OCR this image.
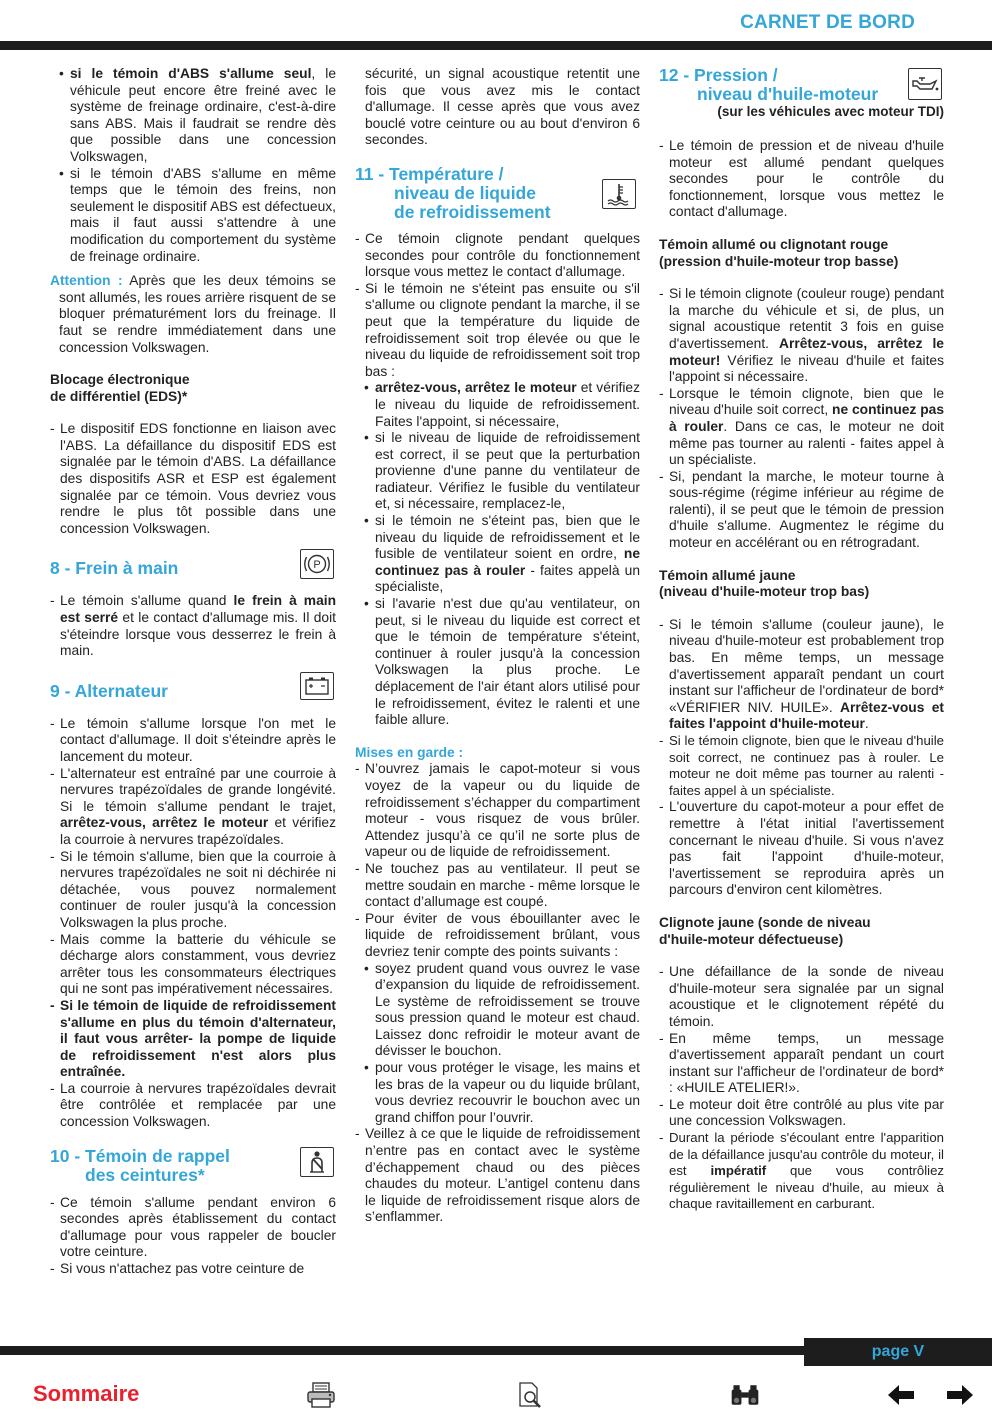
CARNET DE BORD
• si le témoin d'ABS s'allume seul, le véhicule peut encore être freiné avec le système de freinage ordinaire, c'est-à-dire sans ABS. Mais il faudrait se rendre dès que possible dans une concession Volkswagen,
• si le témoin d'ABS s'allume en même temps que le témoin des freins, non seulement le dispositif ABS est défectueux, mais il faut aussi s'attendre à une modification du comportement du système de freinage ordinaire.
Attention : Après que les deux témoins se sont allumés, les roues arrière risquent de se bloquer prématurément lors du freinage. Il faut se rendre immédiatement dans une concession Volkswagen.
Blocage électronique
de différentiel (EDS)*
- Le dispositif EDS fonctionne en liaison avec l'ABS. La défaillance du dispositif EDS est signalée par le témoin d'ABS. La défaillance des dispositifs ASR et ESP est également signalée par ce témoin. Vous devriez vous rendre le plus tôt possible dans une concession Volkswagen.
8 - Frein à main	P
- Le témoin s'allume quand le frein à main est serré et le contact d'allumage mis. Il doit s'éteindre lorsque vous desserrez le frein à main.
9 - Alternateur
- Le témoin s'allume lorsque l'on met le contact d'allumage. Il doit s'éteindre après le lancement du moteur.
- L'alternateur est entraîné par une courroie à nervures trapézoïdales de grande longévité. Si le témoin s'allume pendant le trajet, arrêtez-vous, arrêtez le moteur et vérifiez la courroie à nervures trapézoïdales.
- Si le témoin s'allume, bien que la courroie à nervures trapézoïdales ne soit ni déchirée ni détachée, vous pouvez normalement continuer de rouler jusqu'à la concession Volkswagen la plus proche.
- Mais comme la batterie du véhicule se décharge alors constamment, vous devriez arrêter tous les consommateurs électriques qui ne sont pas impérativement nécessaires.
- Si le témoin de liquide de refroidissement s'allume en plus du témoin d'alternateur, il faut vous arrêter- la pompe de liquide de refroidissement n'est alors plus entraînée.
- La courroie à nervures trapézoïdales devrait être contrôlée et remplacée par une concession Volkswagen.
10 - Témoin de rappel
des ceintures*
- Ce témoin s'allume pendant environ 6 secondes après établissement du contact d'allumage pour vous rappeler de boucler votre ceinture.
- Si vous n'attachez pas votre ceinture de
sécurité, un signal acoustique retentit une fois que vous avez mis le contact d'allumage. Il cesse après que vous avez bouclé votre ceinture ou au bout d'environ 6 secondes.
11 - Température /
niveau de liquide
de refroidissement
- Ce témoin clignote pendant quelques secondes pour contrôle du fonctionnement lorsque vous mettez le contact d'allumage.
- Si le témoin ne s'éteint pas ensuite ou s'il s'allume ou clignote pendant la marche, il se peut que la température du liquide de refroidissement soit trop élevée ou que le niveau du liquide de refroidissement soit trop bas :
• arrêtez-vous, arrêtez le moteur et vérifiez le niveau du liquide de refroidissement. Faites l'appoint, si nécessaire,
• si le niveau de liquide de refroidissement est correct, il se peut que la perturbation provienne d'une panne du ventilateur de radiateur. Vérifiez le fusible du ventilateur et, si nécessaire, remplacez-le,
• si le témoin ne s'éteint pas, bien que le niveau du liquide de refroidissement et le fusible de ventilateur soient en ordre, ne continuez pas à rouler - faites appelà un spécialiste,
• si l'avarie n'est due qu'au ventilateur, on peut, si le niveau du liquide est correct et que le témoin de température s'éteint, continuer à rouler jusqu'à la concession Volkswagen la plus proche. Le déplacement de l'air étant alors utilisé pour le refroidissement, évitez le ralenti et une faible allure.
Mises en garde :
- N’ouvrez jamais le capot-moteur si vous voyez de la vapeur ou du liquide de refroidissement s’échapper du compartiment moteur - vous risquez de vous brûler. Attendez jusqu’à ce qu’il ne sorte plus de vapeur ou de liquide de refroidissement.
- Ne touchez pas au ventilateur. Il peut se mettre soudain en marche - même lorsque le contact d’allumage est coupé.
- Pour éviter de vous ébouillanter avec le liquide de refroidissement brûlant, vous devriez tenir compte des points suivants :
• soyez prudent quand vous ouvrez le vase d’expansion du liquide de refroidissement. Le système de refroidissement se trouve sous pression quand le moteur est chaud. Laissez donc refroidir le moteur avant de dévisser le bouchon.
• pour vous protéger le visage, les mains et les bras de la vapeur ou du liquide brûlant, vous devriez recouvrir le bouchon avec un grand chiffon pour l’ouvrir.
- Veillez à ce que le liquide de refroidissement n’entre pas en contact avec le système d’échappement chaud ou des pièces chaudes du moteur. L’antigel contenu dans le liquide de refroidissement risque alors de s’enflammer.
12 - Pression /
niveau d'huile-moteur
(sur les véhicules avec moteur TDI)
- Le témoin de pression et de niveau d'huile moteur est allumé pendant quelques secondes pour le contrôle du fonctionnement, lorsque vous mettez le contact d'allumage.
Témoin allumé ou clignotant rouge
(pression d'huile-moteur trop basse)
- Si le témoin clignote (couleur rouge) pendant la marche du véhicule et si, de plus, un signal acoustique retentit 3 fois en guise d'avertissement. Arrêtez-vous, arrêtez le moteur! Vérifiez le niveau d'huile et faites l'appoint si nécessaire.
- Lorsque le témoin clignote, bien que le niveau d'huile soit correct, ne continuez pas à rouler. Dans ce cas, le moteur ne doit même pas tourner au ralenti - faites appel à un spécialiste.
- Si, pendant la marche, le moteur tourne à sous-régime (régime inférieur au régime de ralenti), il se peut que le témoin de pression d'huile s'allume. Augmentez le régime du moteur en accélérant ou en rétrogradant.
Témoin allumé jaune
(niveau d'huile-moteur trop bas)
- Si le témoin s'allume (couleur jaune), le niveau d'huile-moteur est probablement trop bas. En même temps, un message d'avertissement apparaît pendant un court instant sur l'afficheur de l'ordinateur de bord* «VÉRIFIER NIV. HUILE». Arrêtez-vous et faites l'appoint d'huile-moteur.
- Si le témoin clignote, bien que le niveau d'huile soit correct, ne continuez pas à rouler. Le moteur ne doit même pas tourner au ralenti - faites appel à un spécialiste.
- L'ouverture du capot-moteur a pour effet de remettre à l'état initial l'avertissement concernant le niveau d'huile. Si vous n'avez pas fait l'appoint d'huile-moteur, l'avertissement se reproduira après un parcours d'environ cent kilomètres.
Clignote jaune (sonde de niveau
d'huile-moteur défectueuse)
- Une défaillance de la sonde de niveau d'huile-moteur sera signalée par un signal acoustique et le clignotement répété du témoin.
- En même temps, un message d'avertissement apparaît pendant un court instant sur l'afficheur de l'ordinateur de bord* : «HUILE ATELIER!».
- Le moteur doit être contrôlé au plus vite par une concession Volkswagen.
- Durant la période s'écoulant entre l'apparition de la défaillance jusqu'au contrôle du moteur, il est impératif que vous contrôliez régulièrement le niveau d'huile, au mieux à chaque ravitaillement en carburant.
page V
Sommaire
